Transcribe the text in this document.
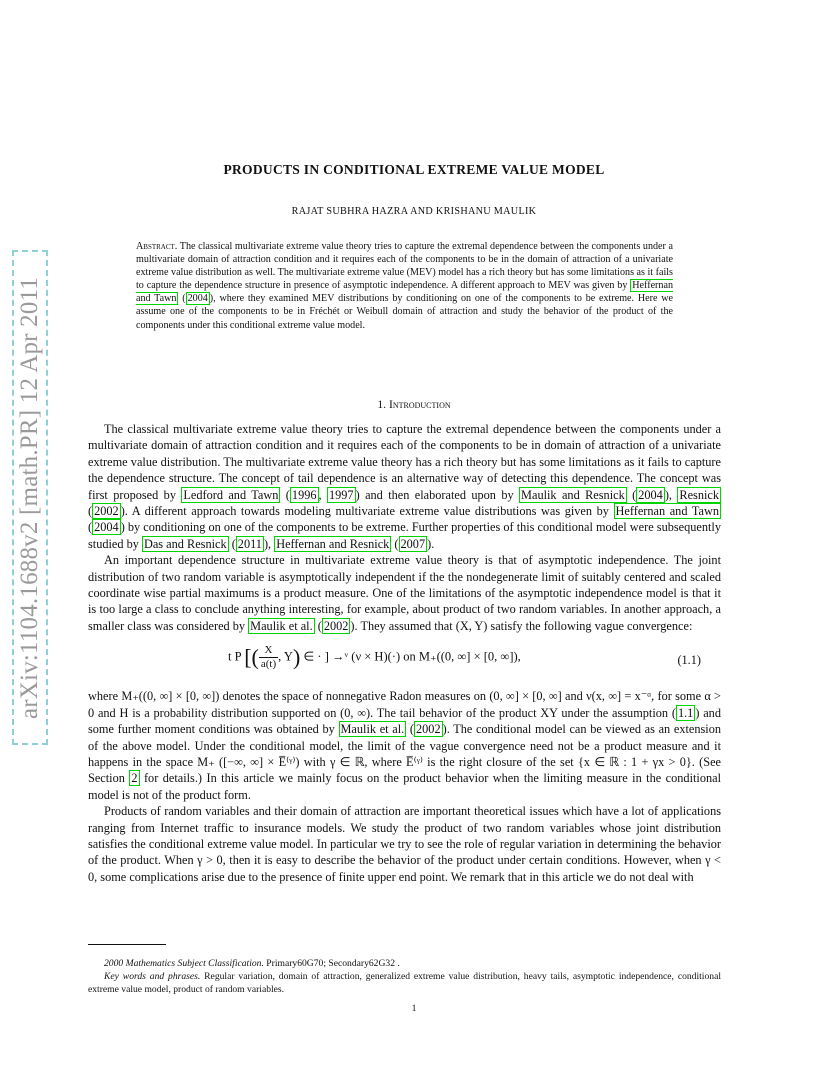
arXiv:1104.1688v2 [math.PR] 12 Apr 2011
PRODUCTS IN CONDITIONAL EXTREME VALUE MODEL
RAJAT SUBHRA HAZRA AND KRISHANU MAULIK
Abstract. The classical multivariate extreme value theory tries to capture the extremal dependence between the components under a multivariate domain of attraction condition and it requires each of the components to be in the domain of attraction of a univariate extreme value distribution as well. The multivariate extreme value (MEV) model has a rich theory but has some limitations as it fails to capture the dependence structure in presence of asymptotic independence. A different approach to MEV was given by Heffernan and Tawn ( 2004 ), where they examined MEV distributions by conditioning on one of the components to be extreme. Here we assume one of the components to be in Fréchét or Weibull domain of attraction and study the behavior of the product of the components under this conditional extreme value model.
1. Introduction

The classical multivariate extreme value theory tries to capture the extremal dependence between the components under a multivariate domain of attraction condition and it requires each of the components to be in domain of attraction of a univariate extreme value distribution. The multivariate extreme value theory has a rich theory but has some limitations as it fails to capture the dependence structure. The concept of tail dependence is an alternative way of detecting this dependence. The concept was first proposed by Ledford and Tawn ( 1996 , 1997 ) and then elaborated upon by Maulik and Resnick ( 2004 ), Resnick ( 2002 ). A different approach towards modeling multivariate extreme value distributions was given by Heffernan and Tawn ( 2004 ) by conditioning on one of the components to be extreme. Further properties of this conditional model were subsequently studied by Das and Resnick ( 2011 ), Heffernan and Resnick ( 2007 ).

An important dependence structure in multivariate extreme value theory is that of asymptotic independence. The joint distribution of two random variable is asymptotically independent if the the nondegenerate limit of suitably centered and scaled coordinate wise partial maximums is a product measure. One of the limitations of the asymptotic independence model is that it is too large a class to conclude anything interesting, for example, about product of two random variables. In another approach, a smaller class was considered by Maulik et al. ( 2002 ). They assumed that (X, Y) satisfy the following vague convergence:

t P [( $\frac{X}{a(t)}$ , Y) ∈ · ] →ᵛ (ν × H)(·) on M₊((0, ∞] × [0, ∞]),	(1.1)

where M₊((0, ∞] × [0, ∞]) denotes the space of nonnegative Radon measures on (0, ∞] × [0, ∞] and ν(x, ∞] = x⁻ᵅ, for some α > 0 and H is a probability distribution supported on (0, ∞). The tail behavior of the product XY under the assumption ( 1.1 ) and some further moment conditions was obtained by Maulik et al. ( 2002 ). The conditional model can be viewed as an extension of the above model. Under the conditional model, the limit of the vague convergence need not be a product measure and it happens in the space M₊ ([−∞, ∞] × E̅⁽ᵞ⁾) with γ ∈ ℝ, where E̅⁽ᵞ⁾ is the right closure of the set {x ∈ ℝ : 1 + γx > 0}. (See Section 2 for details.) In this article we mainly focus on the product behavior when the limiting measure in the conditional model is not of the product form.

Products of random variables and their domain of attraction are important theoretical issues which have a lot of applications ranging from Internet traffic to insurance models. We study the product of two random variables whose joint distribution satisfies the conditional extreme value model. In particular we try to see the role of regular variation in determining the behavior of the product. When γ > 0, then it is easy to describe the behavior of the product under certain conditions. However, when γ < 0, some complications arise due to the presence of finite upper end point. We remark that in this article we do not deal with

2000 Mathematics Subject Classification. Primary60G70; Secondary62G32 .

Key words and phrases. Regular variation, domain of attraction, generalized extreme value distribution, heavy tails, asymptotic independence, conditional extreme value model, product of random variables.

1
